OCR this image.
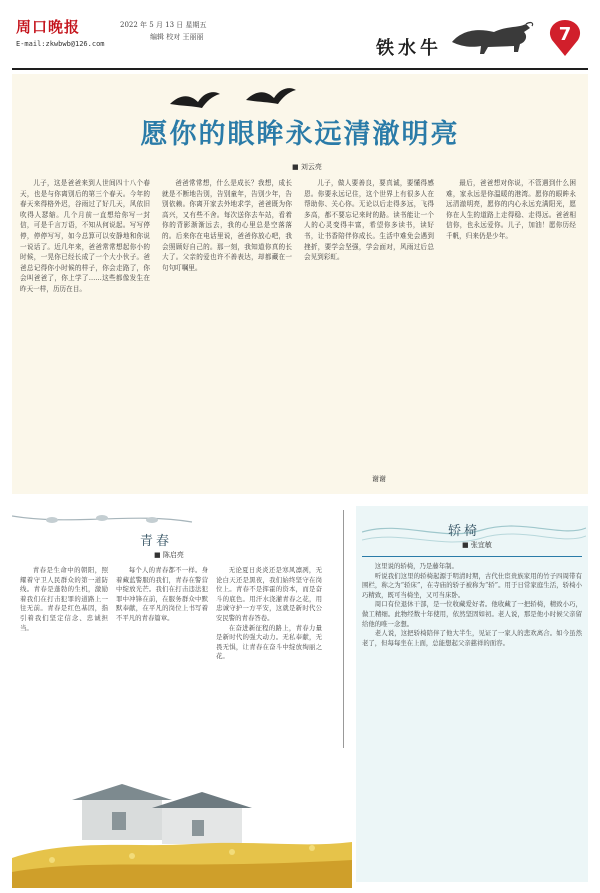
周口晚报
E-mail:zkwbwb@126.com
2022 年 5 月 13 日 星期五
编辑 校对 王丽丽
铁水牛
7
愿你的眼眸永远清澈明亮
■ 刘云亮

儿子，这是爸爸来到人世间四十八个春天，也是与你离别后的第三个春天。今年的春天来得格外迟，谷雨过了好几天，风依旧吹得人瑟缩。几个月前一直想给你写一封信，可是千言万语，不知从何说起。写写停停，停停写写，如今总算可以安静地和你说一说话了。近几年来，爸爸常常想起你小的时候，一晃你已经长成了一个大小伙子。爸爸总记得你小时候的样子，你会走路了，你会叫爸爸了，你上学了……这些都像发生在昨天一样，历历在目。

爸爸常常想，什么是成长？我想，成长就是不断地告别，告别童年，告别少年，告别依赖。你离开家去外地求学，爸爸既为你高兴，又有些不舍。每次送你去车站，看着你的背影渐渐远去，我的心里总是空落落的。后来你在电话里说，爸爸你放心吧，我会照顾好自己的。那一刻，我知道你真的长大了。父亲的爱也许不善表达，却都藏在一句句叮嘱里。

儿子，做人要善良，要真诚，要懂得感恩。你要永远记住，这个世界上有很多人在帮助你、关心你。无论以后走得多远，飞得多高，都不要忘记来时的路。读书能让一个人的心灵变得丰富，希望你多读书，读好书，让书香陪伴你成长。生活中难免会遇到挫折，要学会坚强，学会面对，风雨过后总会见到彩虹。

最后，爸爸想对你说，不管遇到什么困难，家永远是你温暖的港湾。愿你的眼眸永远清澈明亮，愿你的内心永远充满阳光，愿你在人生的道路上走得稳、走得远。爸爸相信你，也永远爱你。儿子，加油！愿你历经千帆，归来仍是少年。

谢谢
青春
■ 陈启亮

青春是生命中的朝阳，照耀着守卫人民群众的第一道防线。青春是蓬勃的生机，激励着我们在打击犯罪的道路上一往无前。青春是红色基因，指引着我们坚定信念、忠诚担当。

每个人的青春都不一样。身着藏蓝警服的我们，青春在警营中绽放光芒。我们在打击违法犯罪中冲锋在前，在服务群众中默默奉献，在平凡的岗位上书写着不平凡的青春篇章。

无论夏日炎炎还是寒风凛冽，无论白天还是黑夜，我们始终坚守在岗位上。青春不是挥霍的资本，而是奋斗的底色。用汗水浇灌青春之花，用忠诚守护一方平安，这就是新时代公安民警的青春答卷。

在奋进新征程的路上，青春力量是新时代的强大动力。无私奉献，无畏无惧，让青春在奋斗中绽放绚丽之花。

轿椅
■ 张宜敏

这里说的轿椅，乃是藤年制。

听说我们这里的轿椅起源于明清时期，古代仕宦贵族家用的竹子四周带有围栏，称之为“轿床”，在寺庙的轿子被称为“轿”。用于日常家庭生活，轿椅小巧精致，既可当椅坐，又可当床卧。

周口有位退休干部，是一位收藏爱好者。他收藏了一把轿椅，精致小巧，做工精细。此物经数十年使用，依然坚固如初。老人说，那是他小时候父亲留给他的唯一念想。

老人说，这把轿椅陪伴了他大半生，见证了一家人的悲欢离合。如今虽然老了，但每每坐在上面，总能想起父亲慈祥的面容。
